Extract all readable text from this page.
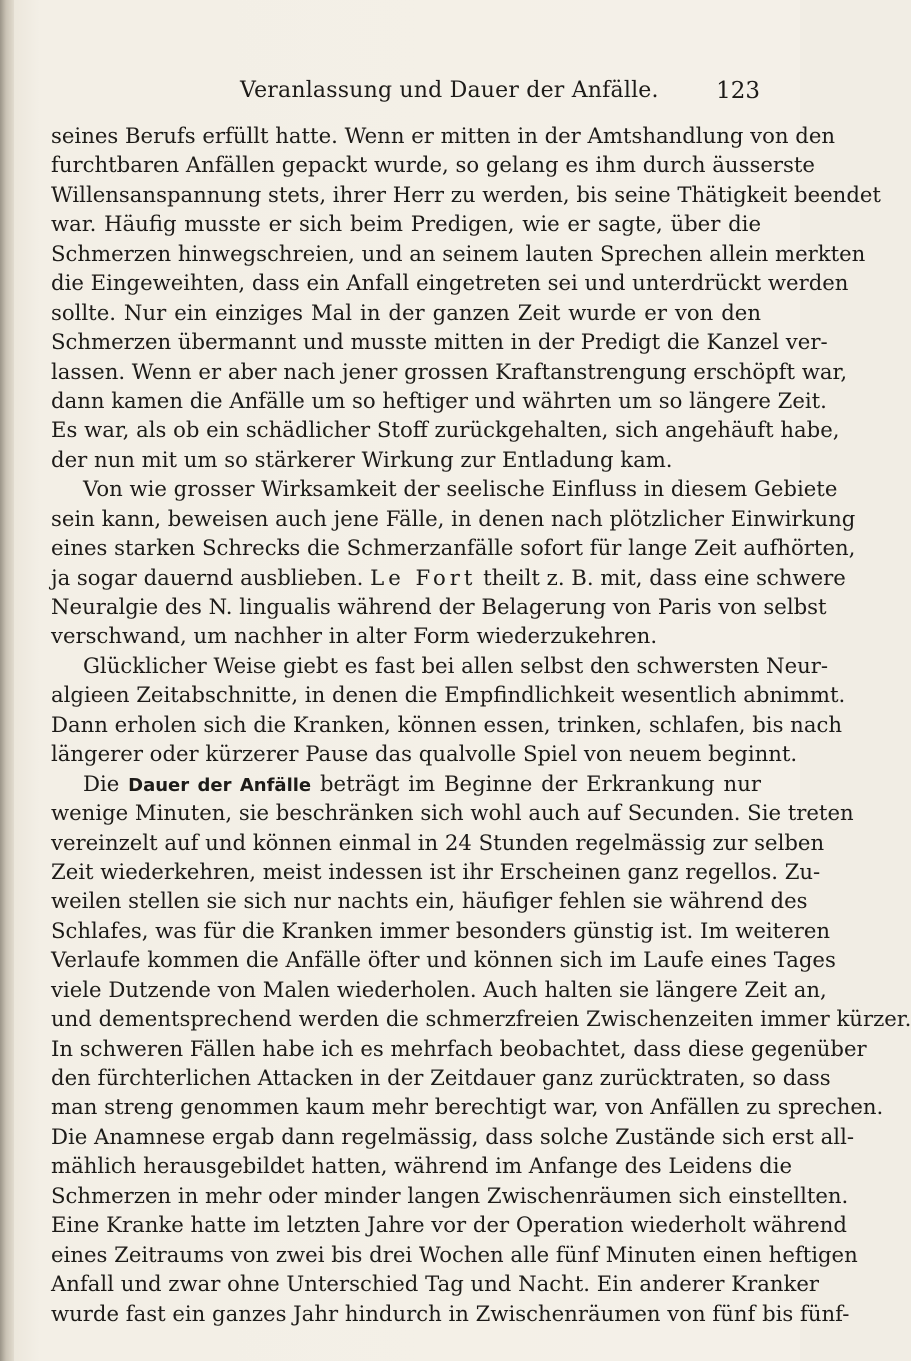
Veranlassung und Dauer der Anfälle. 123
seines Berufs erfüllt hatte. Wenn er mitten in der Amtshandlung von den
furchtbaren Anfällen gepackt wurde, so gelang es ihm durch äusserste
Willensanspannung stets, ihrer Herr zu werden, bis seine Thätigkeit beendet
war. Häufig musste er sich beim Predigen, wie er sagte, über die
Schmerzen hinwegschreien, und an seinem lauten Sprechen allein merkten
die Eingeweihten, dass ein Anfall eingetreten sei und unterdrückt werden
sollte. Nur ein einziges Mal in der ganzen Zeit wurde er von den
Schmerzen übermannt und musste mitten in der Predigt die Kanzel ver-
lassen. Wenn er aber nach jener grossen Kraftanstrengung erschöpft war,
dann kamen die Anfälle um so heftiger und währten um so längere Zeit.
Es war, als ob ein schädlicher Stoff zurückgehalten, sich angehäuft habe,
der nun mit um so stärkerer Wirkung zur Entladung kam.
Von wie grosser Wirksamkeit der seelische Einfluss in diesem Gebiete
sein kann, beweisen auch jene Fälle, in denen nach plötzlicher Einwirkung
eines starken Schrecks die Schmerzanfälle sofort für lange Zeit aufhörten,
ja sogar dauernd ausblieben. Le Fort theilt z. B. mit, dass eine schwere
Neuralgie des N. lingualis während der Belagerung von Paris von selbst
verschwand, um nachher in alter Form wiederzukehren.
Glücklicher Weise giebt es fast bei allen selbst den schwersten Neur-
algieen Zeitabschnitte, in denen die Empfindlichkeit wesentlich abnimmt.
Dann erholen sich die Kranken, können essen, trinken, schlafen, bis nach
längerer oder kürzerer Pause das qualvolle Spiel von neuem beginnt.
Die Dauer der Anfälle beträgt im Beginne der Erkrankung nur
wenige Minuten, sie beschränken sich wohl auch auf Secunden. Sie treten
vereinzelt auf und können einmal in 24 Stunden regelmässig zur selben
Zeit wiederkehren, meist indessen ist ihr Erscheinen ganz regellos. Zu-
weilen stellen sie sich nur nachts ein, häufiger fehlen sie während des
Schlafes, was für die Kranken immer besonders günstig ist. Im weiteren
Verlaufe kommen die Anfälle öfter und können sich im Laufe eines Tages
viele Dutzende von Malen wiederholen. Auch halten sie längere Zeit an,
und dementsprechend werden die schmerzfreien Zwischenzeiten immer kürzer.
In schweren Fällen habe ich es mehrfach beobachtet, dass diese gegenüber
den fürchterlichen Attacken in der Zeitdauer ganz zurücktraten, so dass
man streng genommen kaum mehr berechtigt war, von Anfällen zu sprechen.
Die Anamnese ergab dann regelmässig, dass solche Zustände sich erst all-
mählich herausgebildet hatten, während im Anfange des Leidens die
Schmerzen in mehr oder minder langen Zwischenräumen sich einstellten.
Eine Kranke hatte im letzten Jahre vor der Operation wiederholt während
eines Zeitraums von zwei bis drei Wochen alle fünf Minuten einen heftigen
Anfall und zwar ohne Unterschied Tag und Nacht. Ein anderer Kranker
wurde fast ein ganzes Jahr hindurch in Zwischenräumen von fünf bis fünf-
